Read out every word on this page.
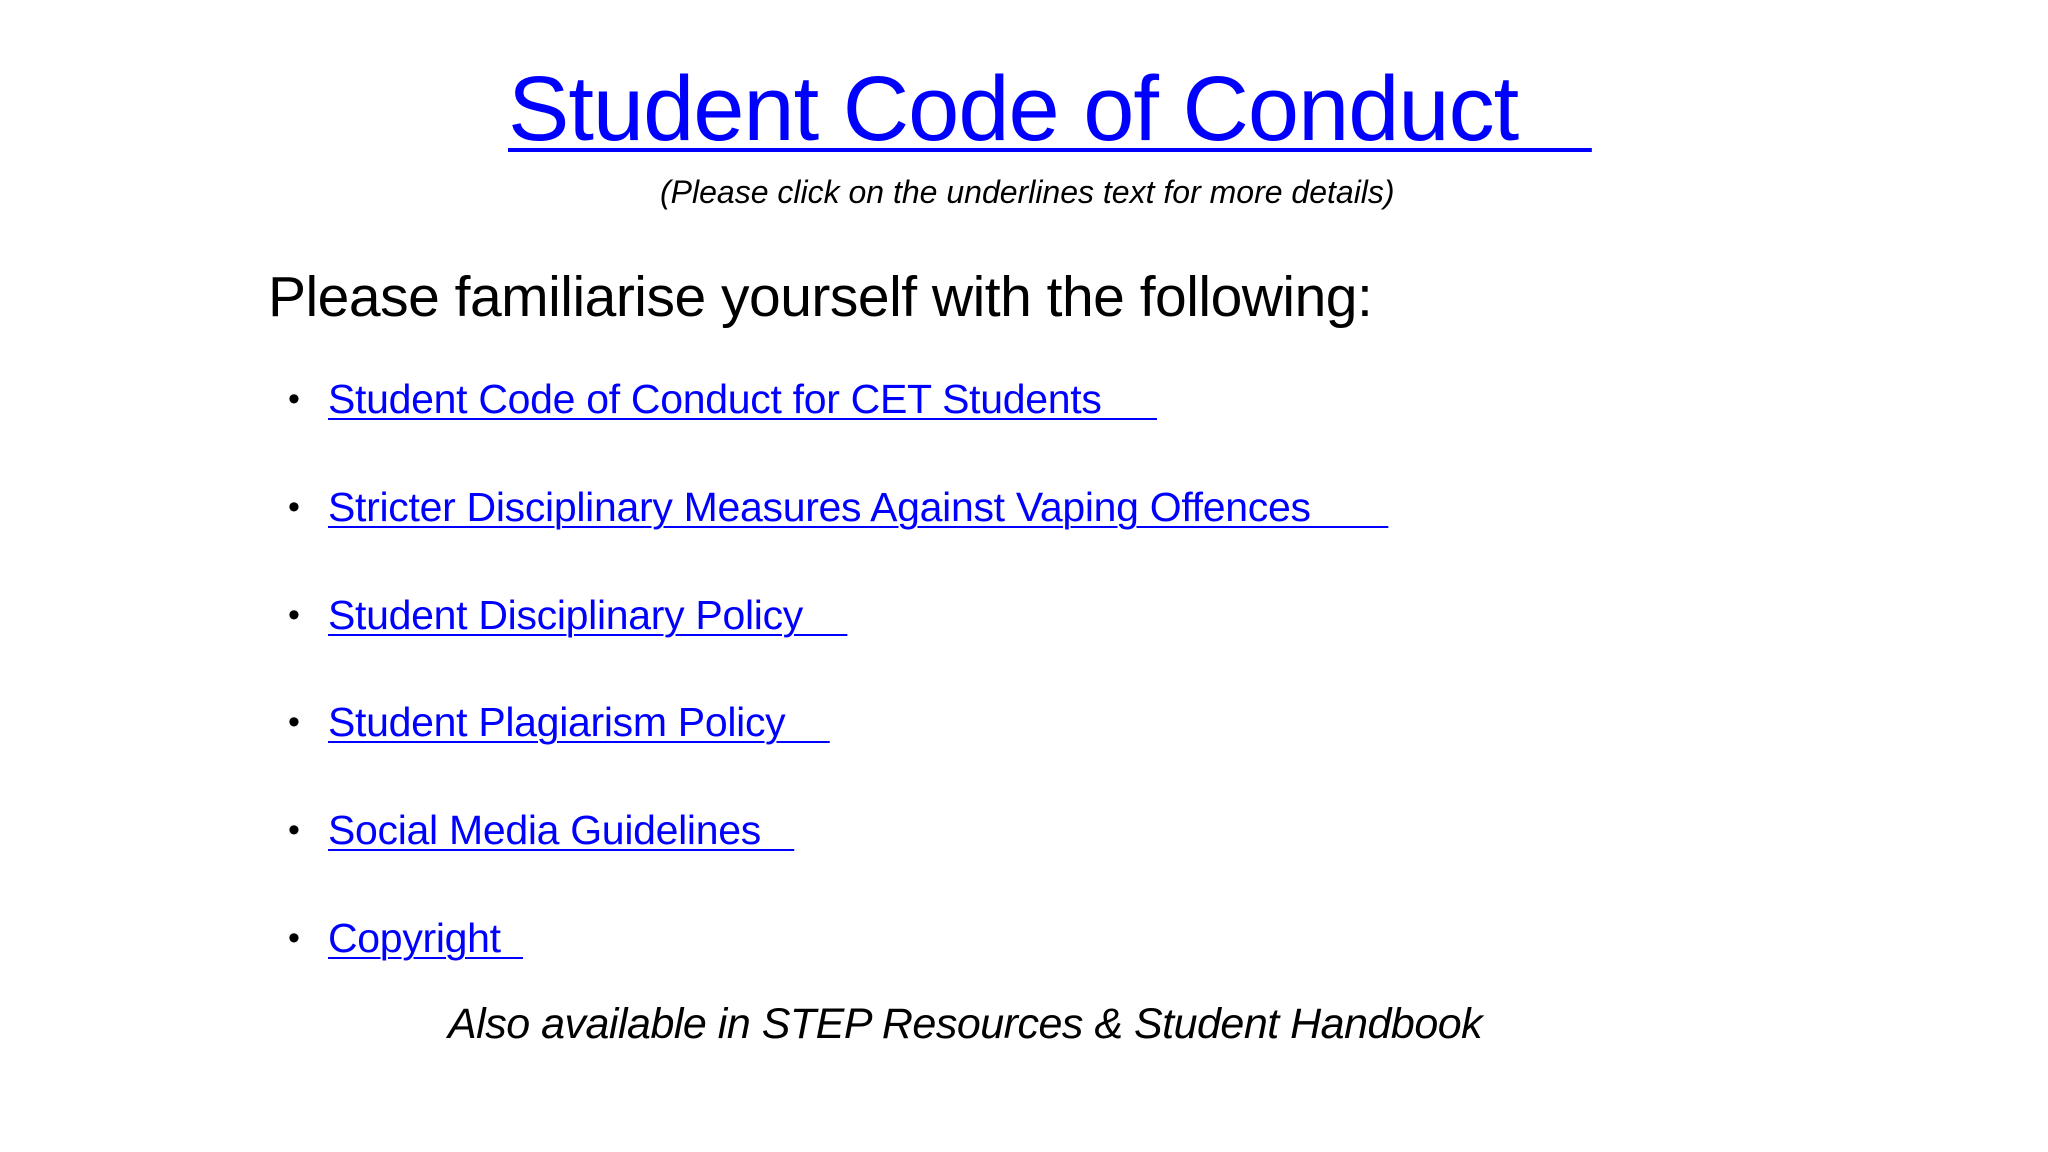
Student Code of Conduct
(Please click on the underlines text for more details)
Please familiarise yourself with the following:
• Student Code of Conduct for CET Students
• Stricter Disciplinary Measures Against Vaping Offences
• Student Disciplinary Policy
• Student Plagiarism Policy
• Social Media Guidelines
• Copyright
Also available in STEP Resources & Student Handbook
